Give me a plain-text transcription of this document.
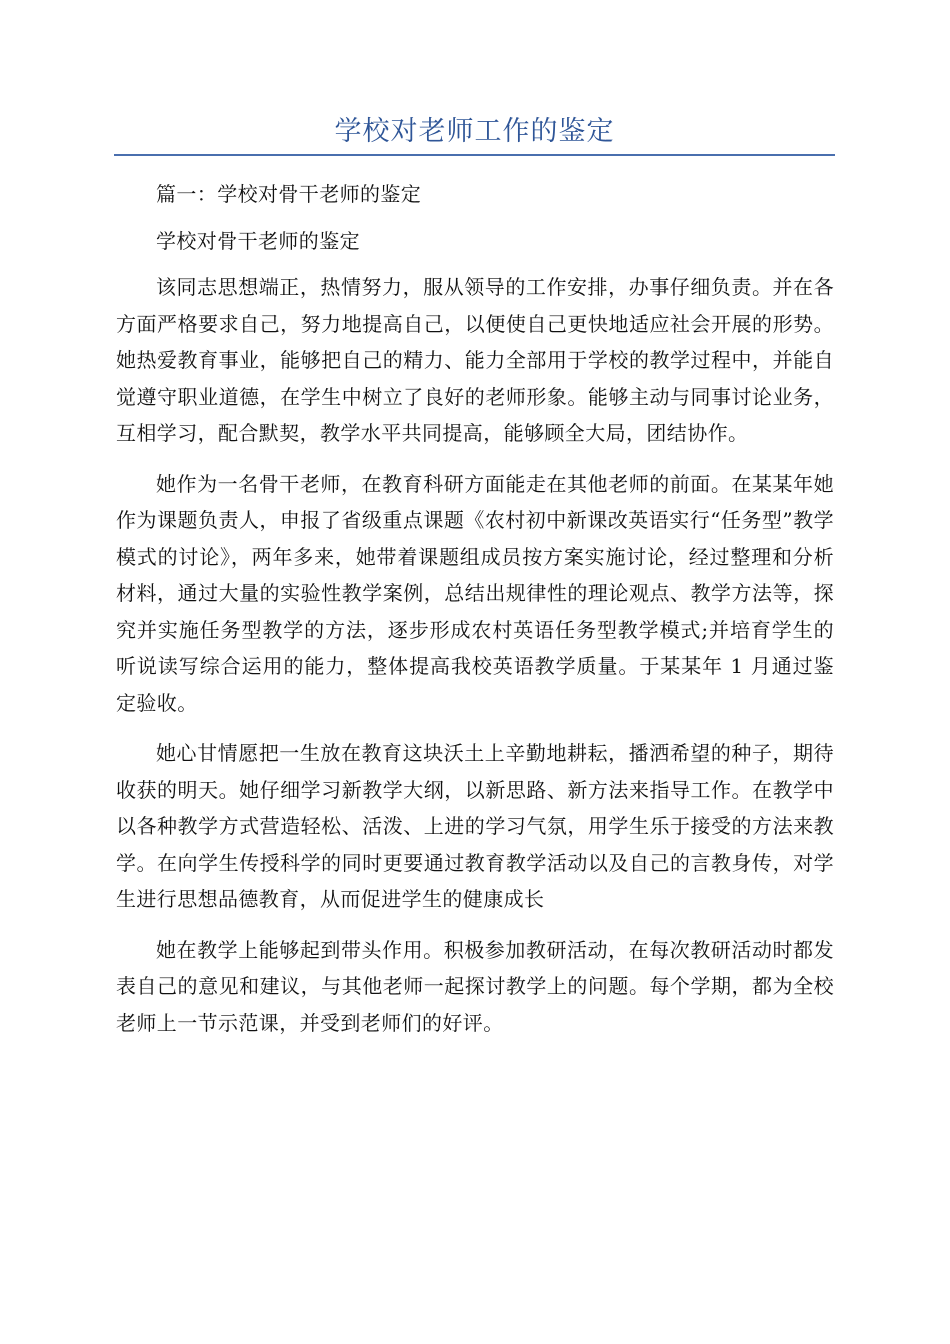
学校对老师工作的鉴定

篇一：学校对骨干老师的鉴定

学校对骨干老师的鉴定

该同志思想端正，热情努力，服从领导的工作安排，办事仔细负责。并在各方面严格要求自己，努力地提高自己，以便使自己更快地适应社会开展的形势。她热爱教育事业，能够把自己的精力、能力全部用于学校的教学过程中，并能自觉遵守职业道德，在学生中树立了良好的老师形象。能够主动与同事讨论业务，互相学习，配合默契，教学水平共同提高，能够顾全大局，团结协作。

她作为一名骨干老师，在教育科研方面能走在其他老师的前面。在某某年她作为课题负责人，申报了省级重点课题《农村初中新课改英语实行“任务型”教学模式的讨论》，两年多来，她带着课题组成员按方案实施讨论，经过整理和分析材料，通过大量的实验性教学案例，总结出规律性的理论观点、教学方法等，探究并实施任务型教学的方法，逐步形成农村英语任务型教学模式;并培育学生的听说读写综合运用的能力，整体提高我校英语教学质量。于某某年 1 月通过鉴定验收。

她心甘情愿把一生放在教育这块沃土上辛勤地耕耘，播洒希望的种子，期待收获的明天。她仔细学习新教学大纲，以新思路、新方法来指导工作。在教学中以各种教学方式营造轻松、活泼、上进的学习气氛，用学生乐于接受的方法来教学。在向学生传授科学的同时更要通过教育教学活动以及自己的言教身传，对学生进行思想品德教育，从而促进学生的健康成长

她在教学上能够起到带头作用。积极参加教研活动，在每次教研活动时都发表自己的意见和建议，与其他老师一起探讨教学上的问题。每个学期，都为全校老师上一节示范课，并受到老师们的好评。
